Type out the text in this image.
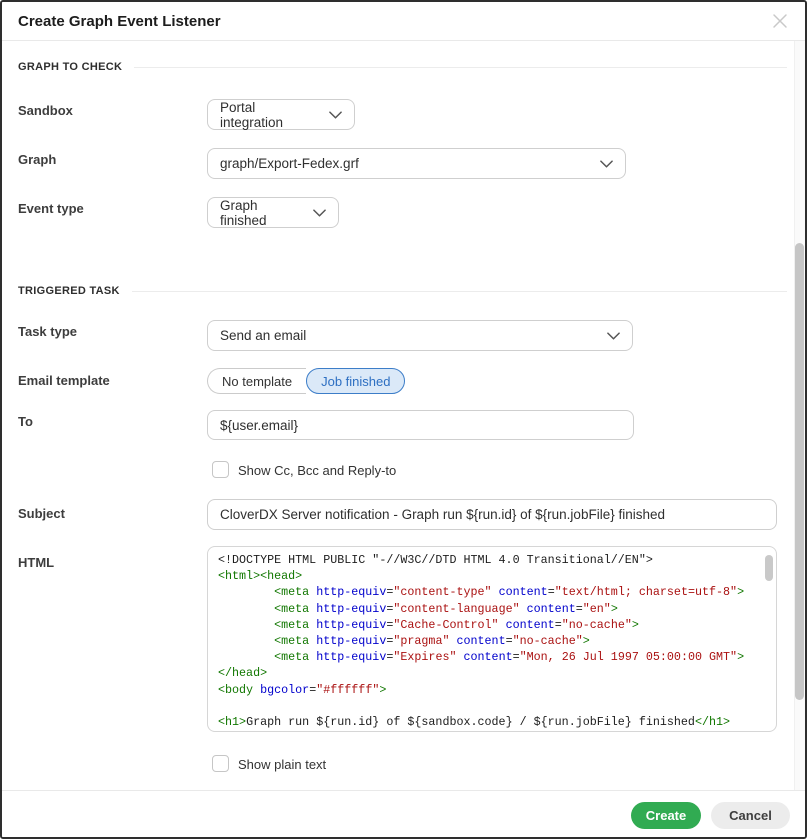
Create Graph Event Listener
GRAPH TO CHECK
Sandbox	Portal integration
Graph	graph/Export-Fedex.grf
Event type	Graph finished
TRIGGERED TASK
Task type	Send an email
Email template	No template	Job finished
To	${user.email}
Show Cc, Bcc and Reply-to
Subject	CloverDX Server notification - Graph run ${run.id} of ${run.jobFile} finished
HTML	<!DOCTYPE HTML PUBLIC "-//W3C//DTD HTML 4.0 Transitional//EN">
<html><head>
<meta http-equiv="content-type" content="text/html; charset=utf-8">
<meta http-equiv="content-language" content="en">
<meta http-equiv="Cache-Control" content="no-cache">
<meta http-equiv="pragma" content="no-cache">
<meta http-equiv="Expires" content="Mon, 26 Jul 1997 05:00:00 GMT">
</head>
<body bgcolor="#ffffff">

<h1>Graph run ${run.id} of ${sandbox.code} / ${run.jobFile} finished</h1>
Show plain text
Create	Cancel
